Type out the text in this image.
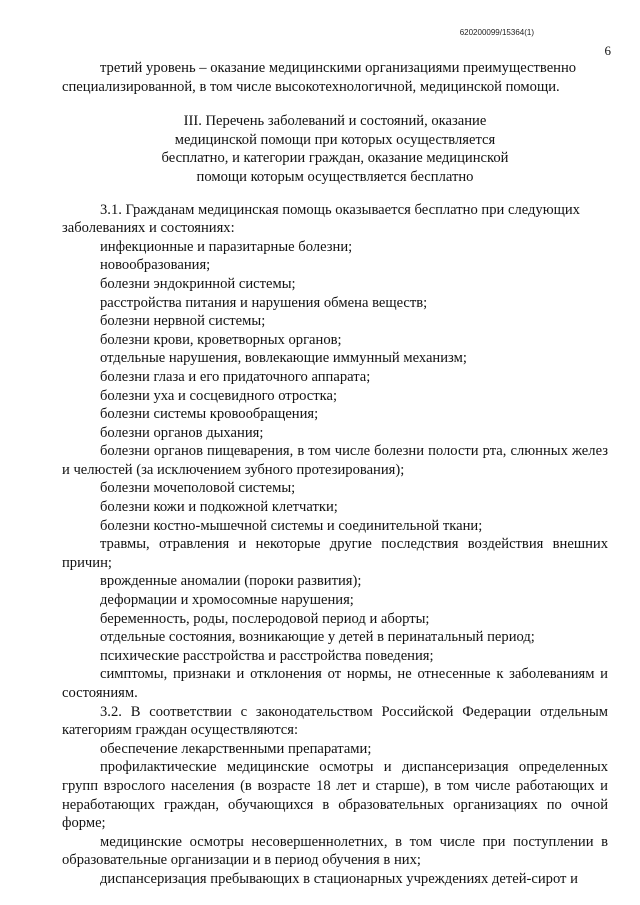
620200099/15364(1)
6

третий уровень – оказание медицинскими организациями преимущественно

специализированной, в том числе высокотехнологичной, медицинской помощи.

III. Перечень заболеваний и состояний, оказание
медицинской помощи при которых осуществляется
бесплатно, и категории граждан, оказание медицинской
помощи которым осуществляется бесплатно

3.1. Гражданам медицинская помощь оказывается бесплатно при следующих заболеваниях и состояниях:

инфекционные и паразитарные болезни;

новообразования;

болезни эндокринной системы;

расстройства питания и нарушения обмена веществ;

болезни нервной системы;

болезни крови, кроветворных органов;

отдельные нарушения, вовлекающие иммунный механизм;

болезни глаза и его придаточного аппарата;

болезни уха и сосцевидного отростка;

болезни системы кровообращения;

болезни органов дыхания;

болезни органов пищеварения, в том числе болезни полости рта, слюнных желез и челюстей (за исключением зубного протезирования);

болезни мочеполовой системы;

болезни кожи и подкожной клетчатки;

болезни костно-мышечной системы и соединительной ткани;

травмы, отравления и некоторые другие последствия воздействия внешних причин;

врожденные аномалии (пороки развития);

деформации и хромосомные нарушения;

беременность, роды, послеродовой период и аборты;

отдельные состояния, возникающие у детей в перинатальный период;

психические расстройства и расстройства поведения;

симптомы, признаки и отклонения от нормы, не отнесенные к заболеваниям и состояниям.

3.2. В соответствии с законодательством Российской Федерации отдельным категориям граждан осуществляются:

обеспечение лекарственными препаратами;

профилактические медицинские осмотры и диспансеризация определенных групп взрослого населения (в возрасте 18 лет и старше), в том числе работающих и неработающих граждан, обучающихся в образовательных организациях по очной форме;

медицинские осмотры несовершеннолетних, в том числе при поступлении в образовательные организации и в период обучения в них;

диспансеризация пребывающих в стационарных учреждениях детей-сирот и
